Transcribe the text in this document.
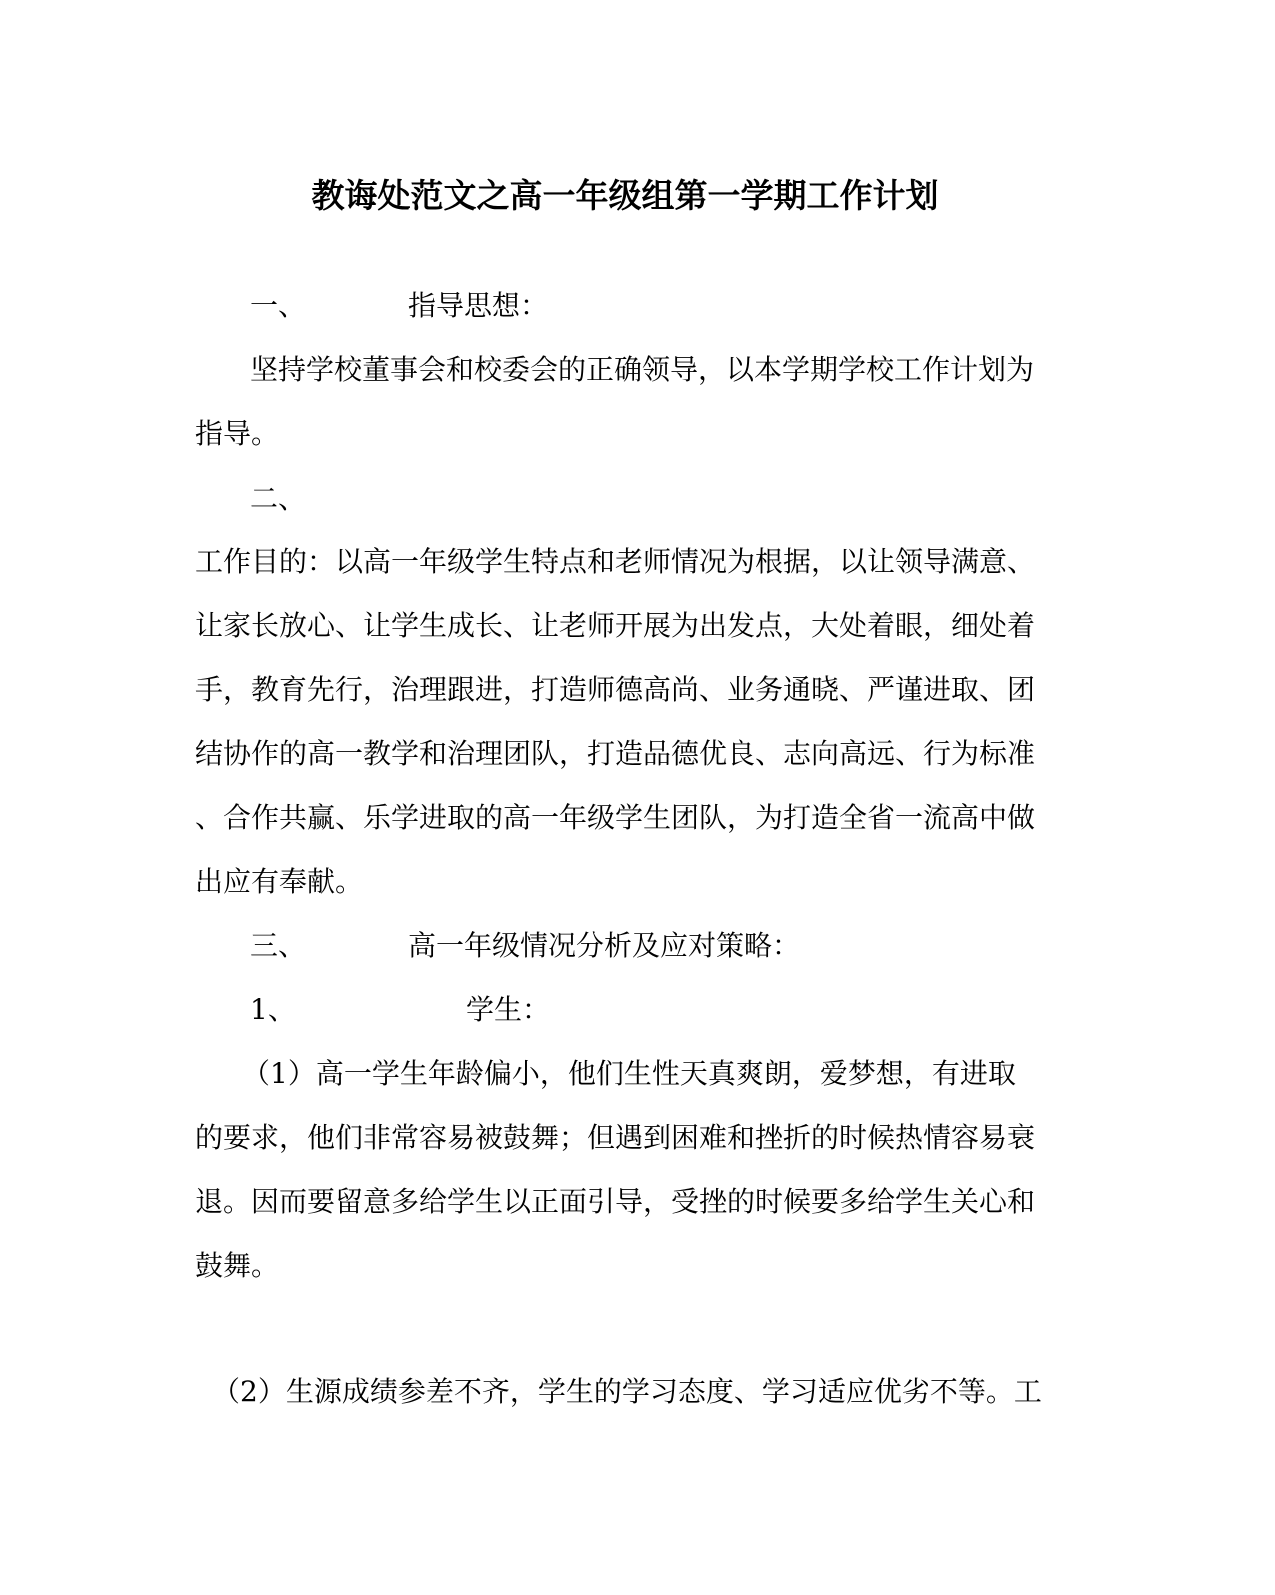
教诲处范文之高一年级组第一学期工作计划
一、	指导思想：
坚持学校董事会和校委会的正确领导，以本学期学校工作计划为
指导。
二、
工作目的：以高一年级学生特点和老师情况为根据，以让领导满意、
让家长放心、让学生成长、让老师开展为出发点，大处着眼，细处着
手，教育先行，治理跟进，打造师德高尚、业务通晓、严谨进取、团
结协作的高一教学和治理团队，打造品德优良、志向高远、行为标准
、合作共赢、乐学进取的高一年级学生团队，为打造全省一流高中做
出应有奉献。
三、	高一年级情况分析及应对策略：
1、	学生：
（1）高一学生年龄偏小，他们生性天真爽朗，爱梦想，有进取
的要求，他们非常容易被鼓舞；但遇到困难和挫折的时候热情容易衰
退。因而要留意多给学生以正面引导，受挫的时候要多给学生关心和
鼓舞。
（2）生源成绩参差不齐，学生的学习态度、学习适应优劣不等。工
